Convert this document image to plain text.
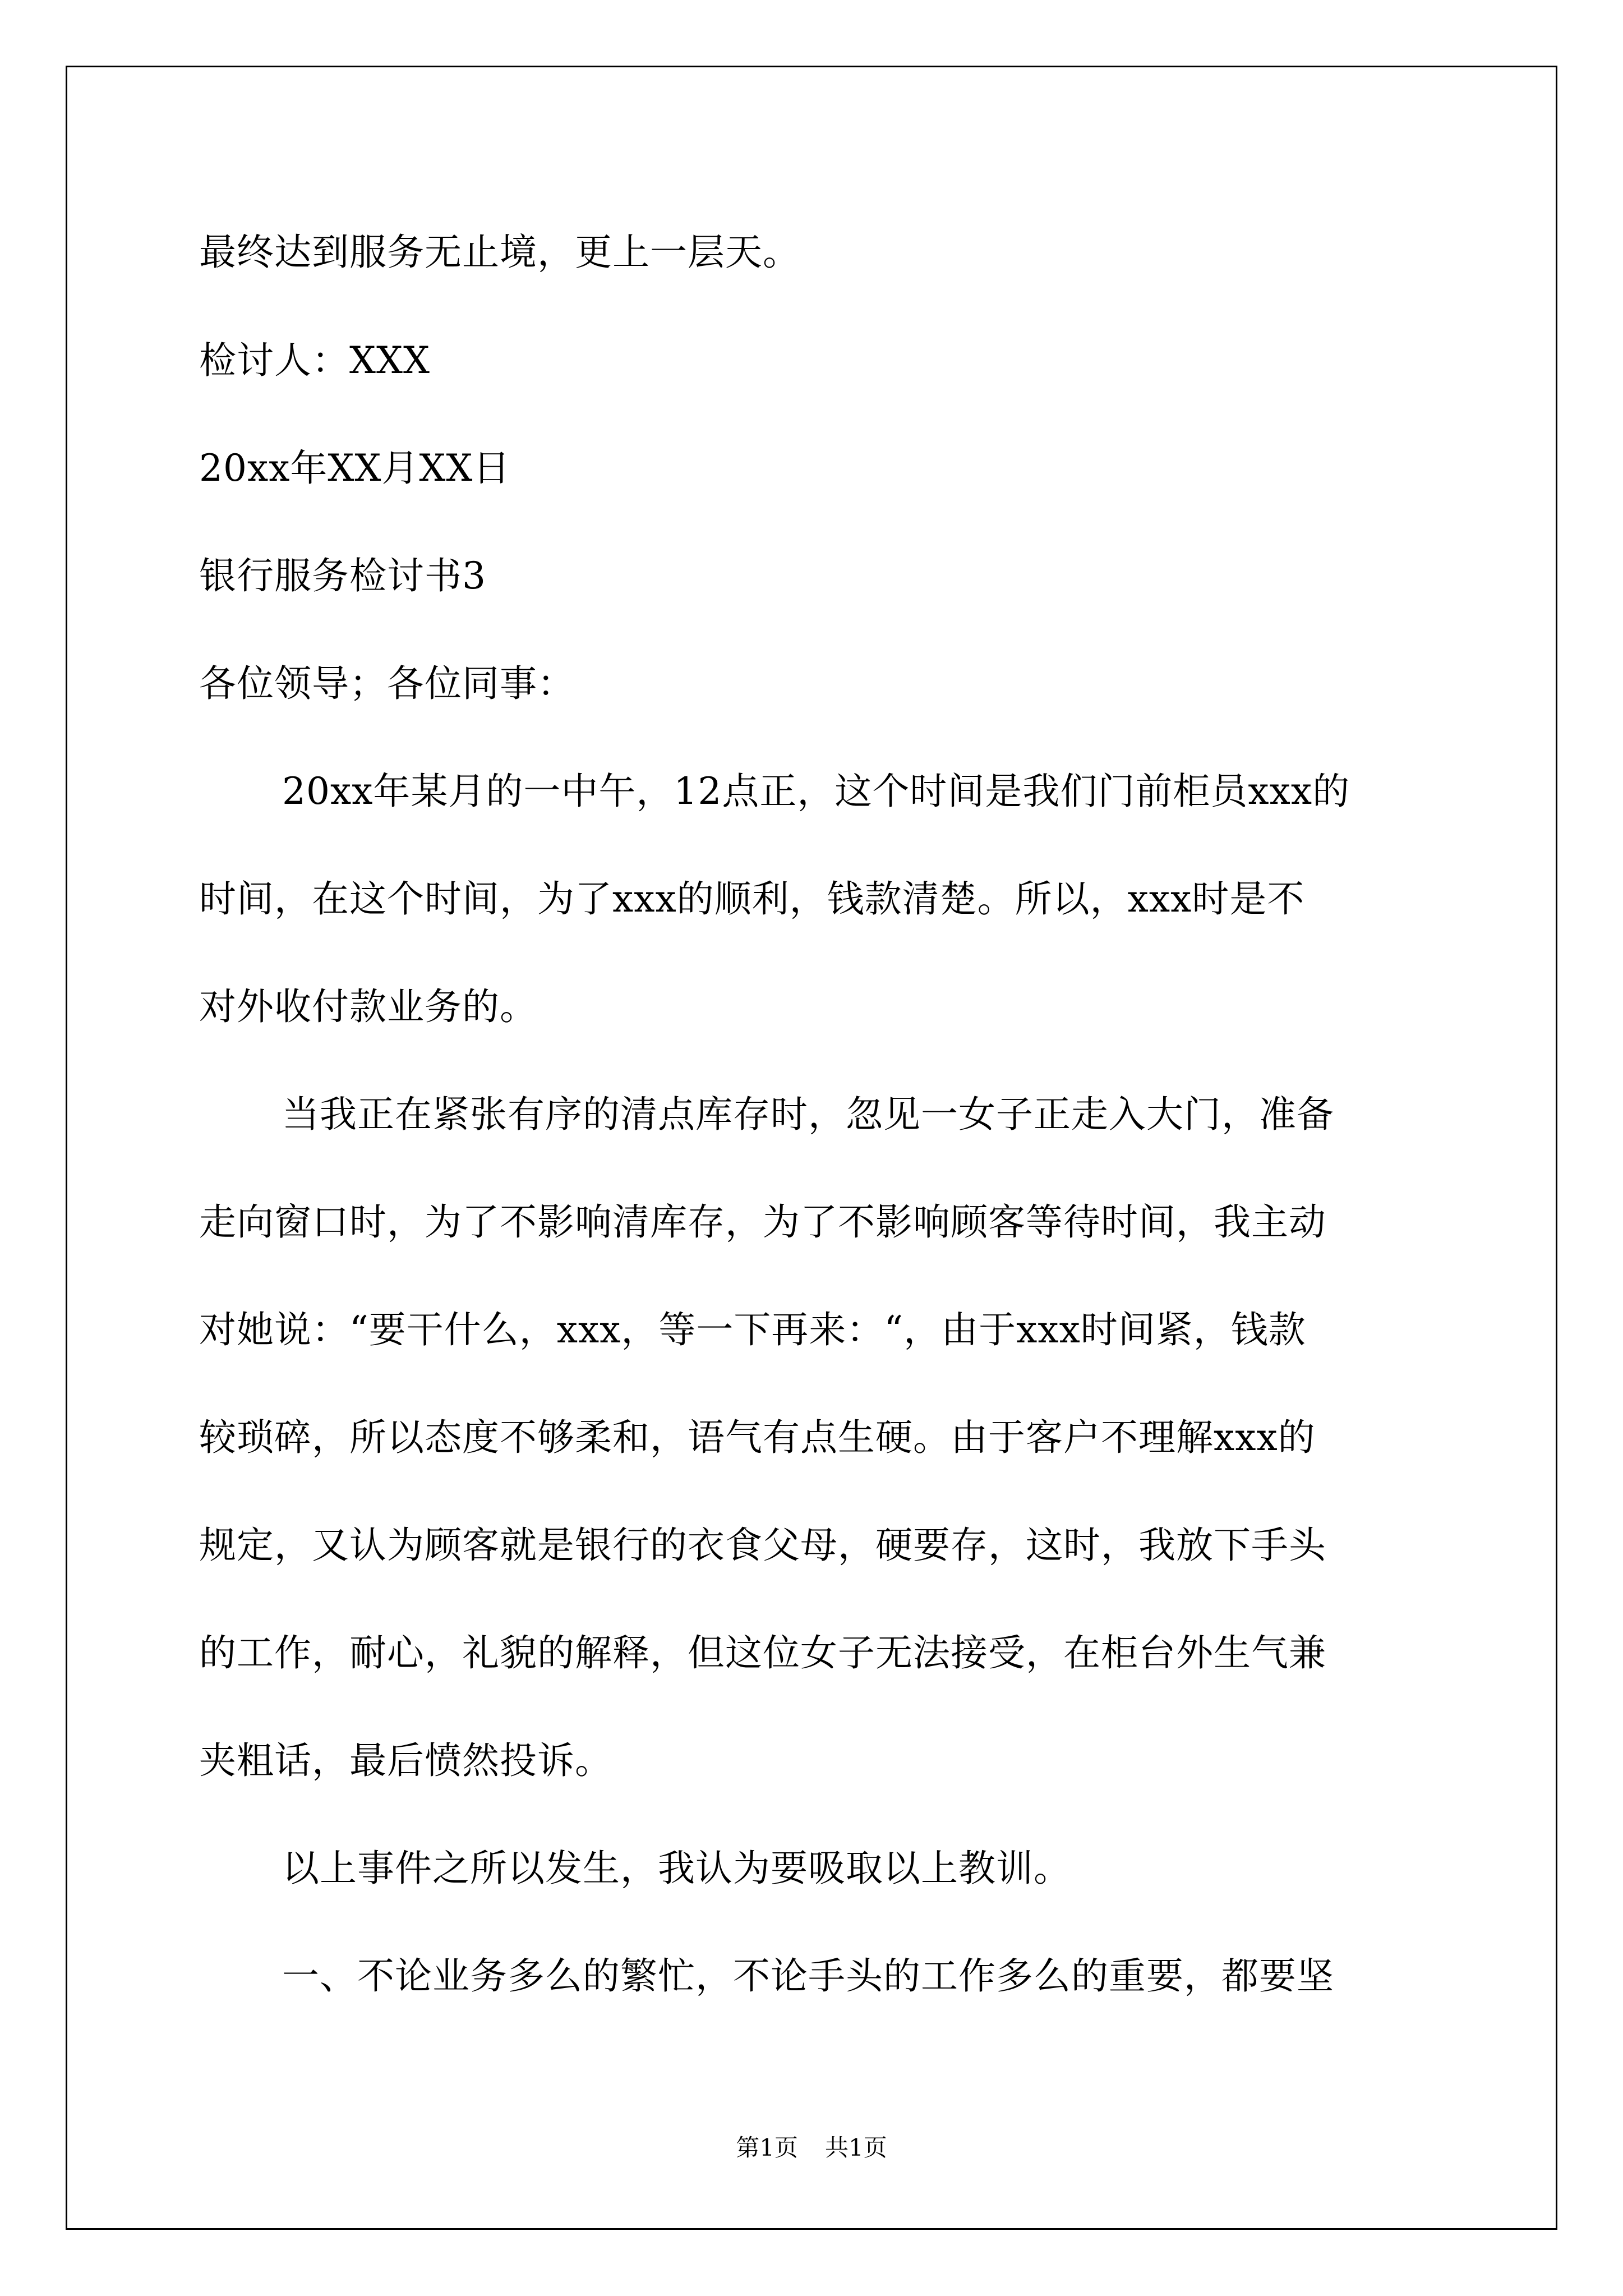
最终达到服务无止境，更上一层天。
检讨人：XXX
20xx年XX月XX日
银行服务检讨书3
各位领导；各位同事：
20xx年某月的一中午，12点正，这个时间是我们门前柜员xxx的
时间，在这个时间，为了xxx的顺利，钱款清楚。所以，xxx时是不
对外收付款业务的。
当我正在紧张有序的清点库存时，忽见一女子正走入大门，准备
走向窗口时，为了不影响清库存，为了不影响顾客等待时间，我主动
对她说：“要干什么，xxx，等一下再来：“，由于xxx时间紧，钱款
较琐碎，所以态度不够柔和，语气有点生硬。由于客户不理解xxx的
规定，又认为顾客就是银行的衣食父母，硬要存，这时，我放下手头
的工作，耐心，礼貌的解释，但这位女子无法接受，在柜台外生气兼
夹粗话，最后愤然投诉。
以上事件之所以发生，我认为要吸取以上教训。
一、不论业务多么的繁忙，不论手头的工作多么的重要，都要坚
第1页 共1页
